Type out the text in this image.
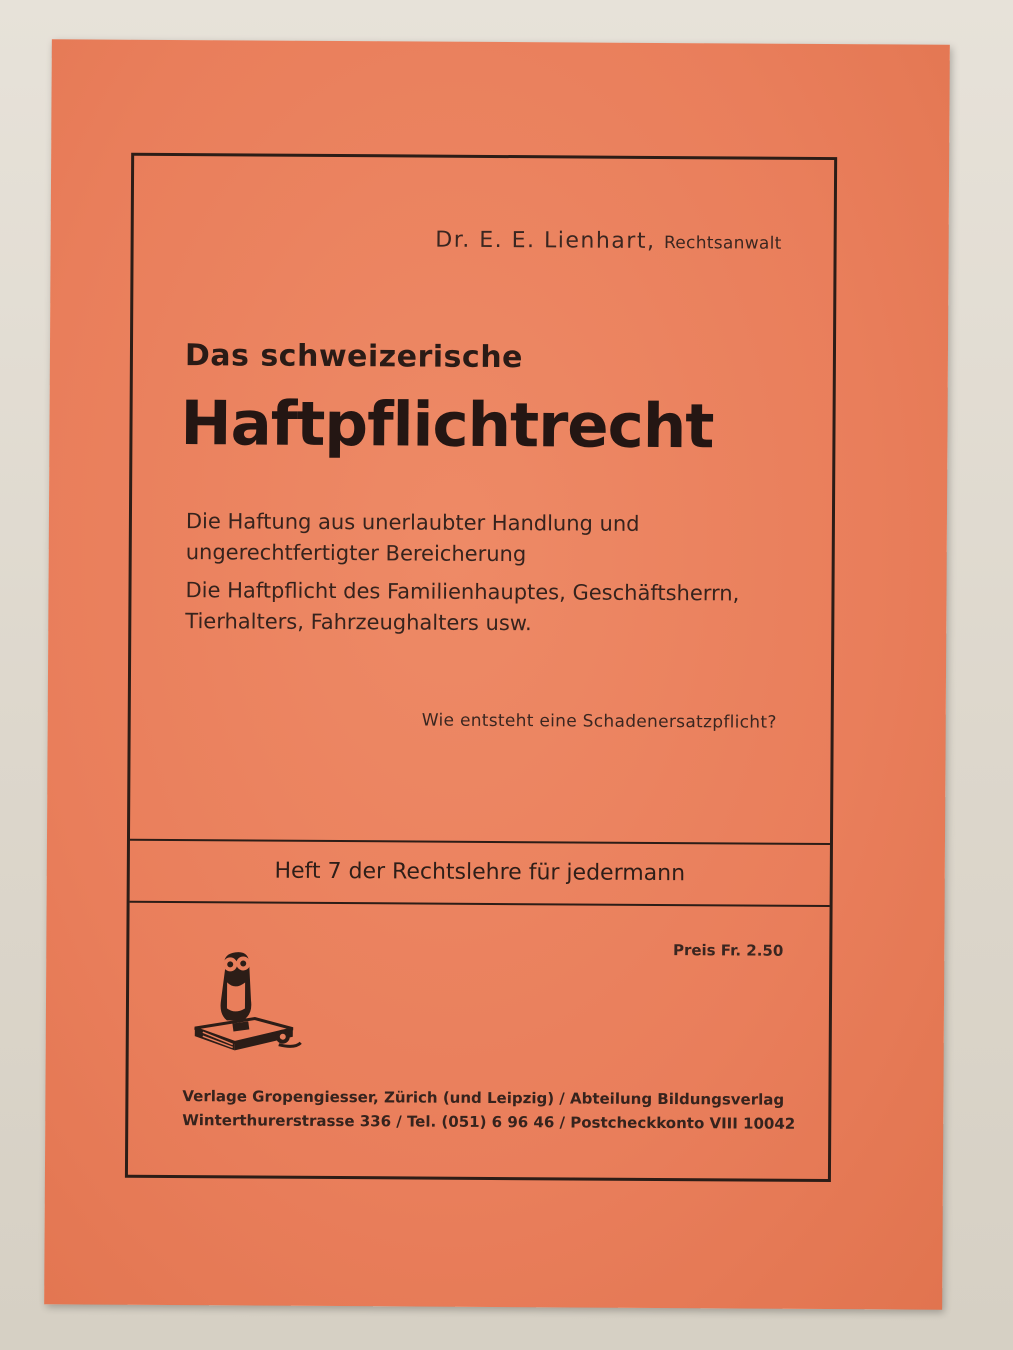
Dr. E. E. Lienhart, Rechtsanwalt
Das schweizerische
Haftpflichtrecht

Die Haftung aus unerlaubter Handlung und ungerechtfertigter Bereicherung

Die Haftpflicht des Familienhauptes, Geschäftsherrn, Tierhalters, Fahrzeughalters usw.

Wie entsteht eine Schadenersatzpflicht?
Heft 7 der Rechtslehre für jedermann
Preis Fr. 2.50
Verlage Gropengiesser, Zürich (und Leipzig) / Abteilung Bildungsverlag
Winterthurerstrasse 336 / Tel. (051) 6 96 46 / Postcheckkonto VIII 10042
